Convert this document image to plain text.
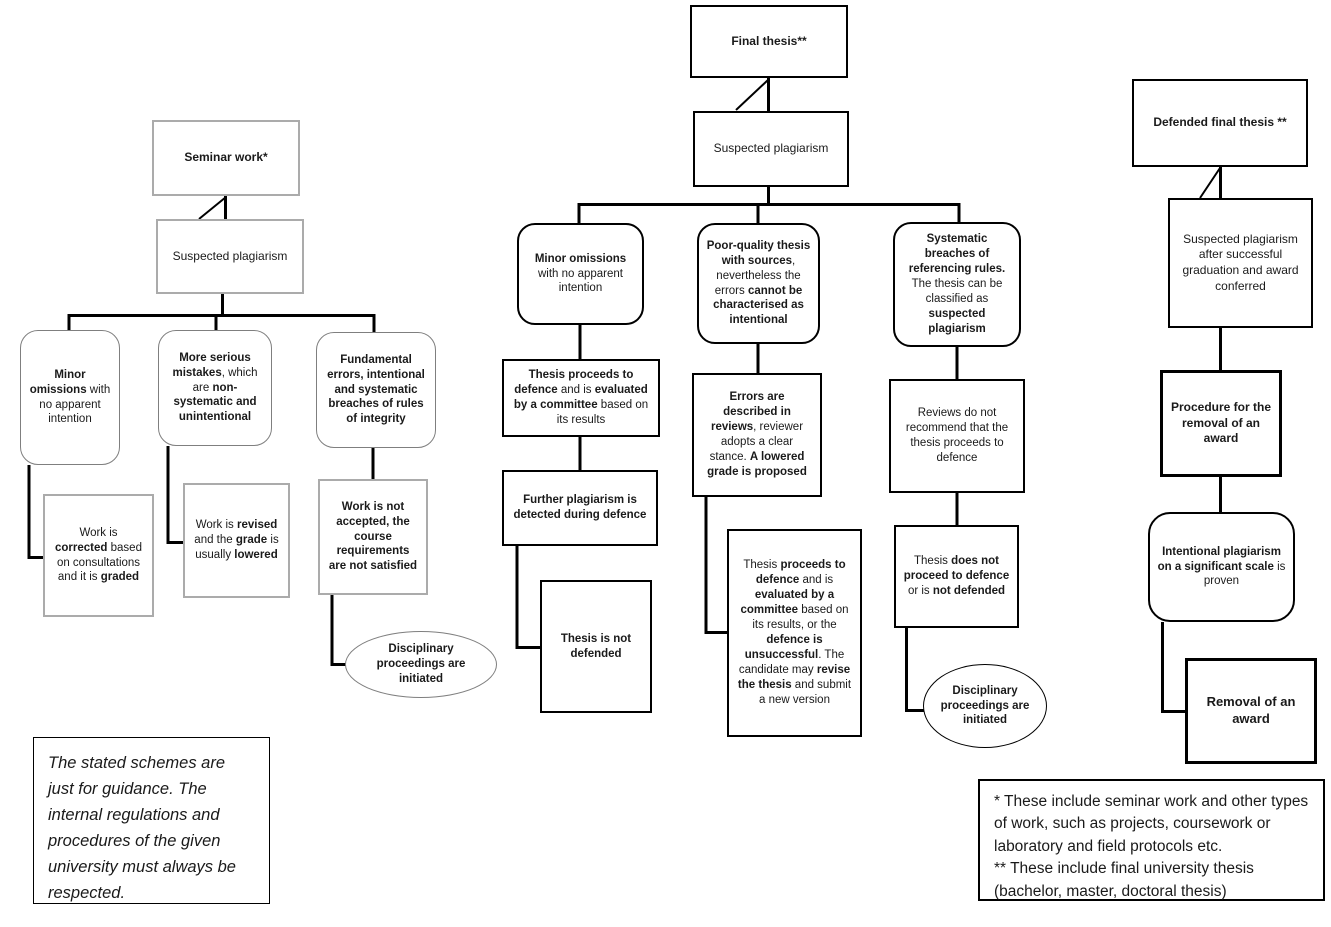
Seminar work*
Suspected plagiarism
Minor omissions with no apparent intention
More serious mistakes, which are non-systematic and unintentional
Fundamental errors, intentional and systematic breaches of rules of integrity
Work is corrected based on consultations and it is graded
Work is revised and the grade is usually lowered
Work is not accepted, the course requirements are not satisfied
Disciplinary proceedings are initiated
Final thesis**
Suspected plagiarism
Minor omissions with no apparent intention
Poor-quality thesis with sources, nevertheless the errors cannot be characterised as intentional
Systematic breaches of referencing rules. The thesis can be classified as suspected plagiarism
Thesis proceeds to defence and is evaluated by a committee based on its results
Further plagiarism is detected during defence
Thesis is not defended
Errors are described in reviews, reviewer adopts a clear stance. A lowered grade is proposed
Thesis proceeds to defence and is evaluated by a committee based on its results, or the defence is unsuccessful. The candidate may revise the thesis and submit a new version
Reviews do not recommend that the thesis proceeds to defence
Thesis does not proceed to defence or is not defended
Disciplinary proceedings are initiated
Defended final thesis **
Suspected plagiarism after successful graduation and award conferred
Procedure for the removal of an award
Intentional plagiarism on a significant scale is proven
Removal of an award
The stated schemes are just for guidance. The internal regulations and procedures of the given university must always be respected.
* These include seminar work and other types of work, such as projects, coursework or laboratory and field protocols etc.
** These include final university thesis (bachelor, master, doctoral thesis)
